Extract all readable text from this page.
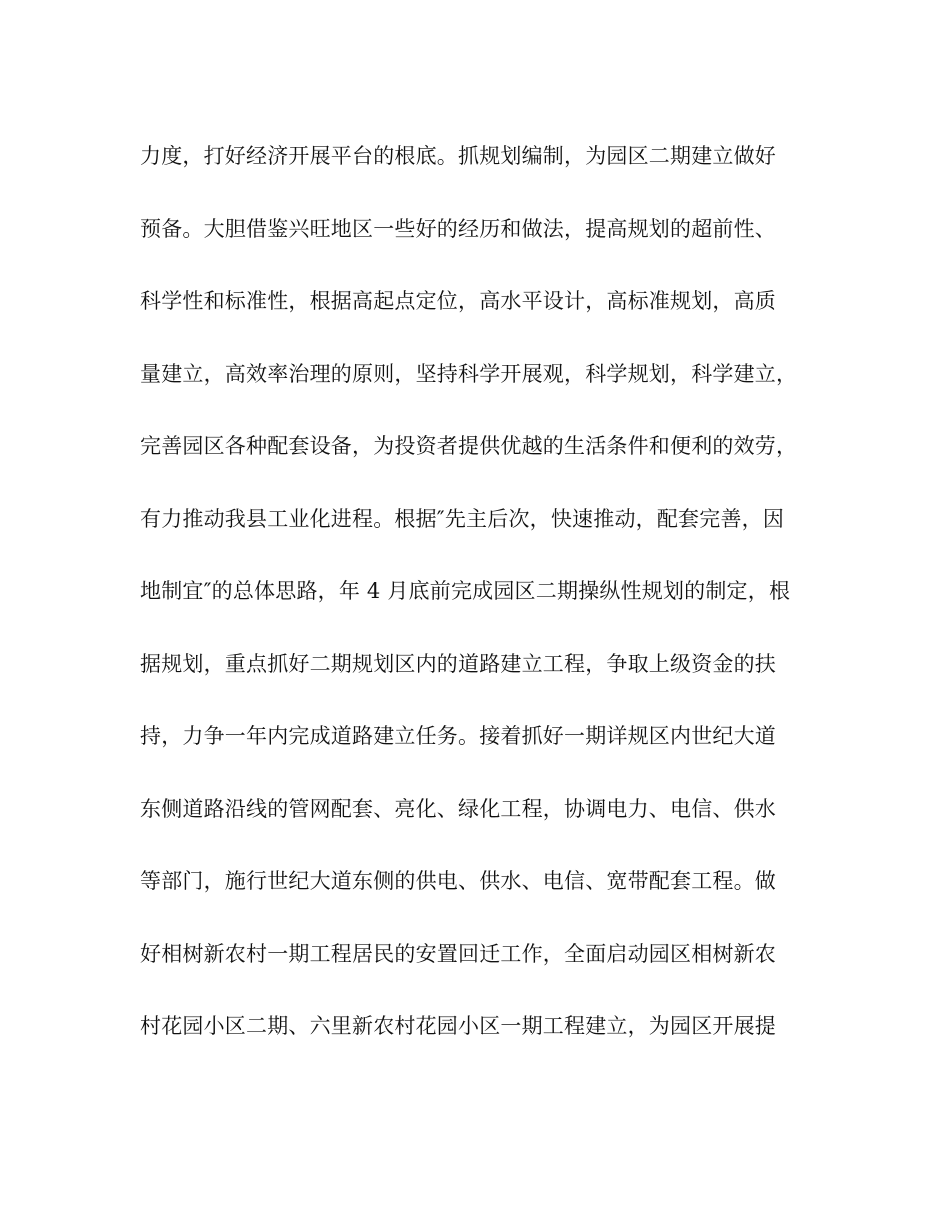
力度，打好经济开展平台的根底。抓规划编制，为园区二期建立做好
预备。大胆借鉴兴旺地区一些好的经历和做法，提高规划的超前性、
科学性和标准性，根据高起点定位，高水平设计，高标准规划，高质
量建立，高效率治理的原则，坚持科学开展观，科学规划，科学建立，
完善园区各种配套设备，为投资者提供优越的生活条件和便利的效劳，
有力推动我县工业化进程。根据″先主后次，快速推动，配套完善，因
地制宜″的总体思路，年 4 月底前完成园区二期操纵性规划的制定，根
据规划，重点抓好二期规划区内的道路建立工程，争取上级资金的扶
持，力争一年内完成道路建立任务。接着抓好一期详规区内世纪大道
东侧道路沿线的管网配套、亮化、绿化工程，协调电力、电信、供水
等部门，施行世纪大道东侧的供电、供水、电信、宽带配套工程。做
好相树新农村一期工程居民的安置回迁工作，全面启动园区相树新农
村花园小区二期、六里新农村花园小区一期工程建立，为园区开展提
